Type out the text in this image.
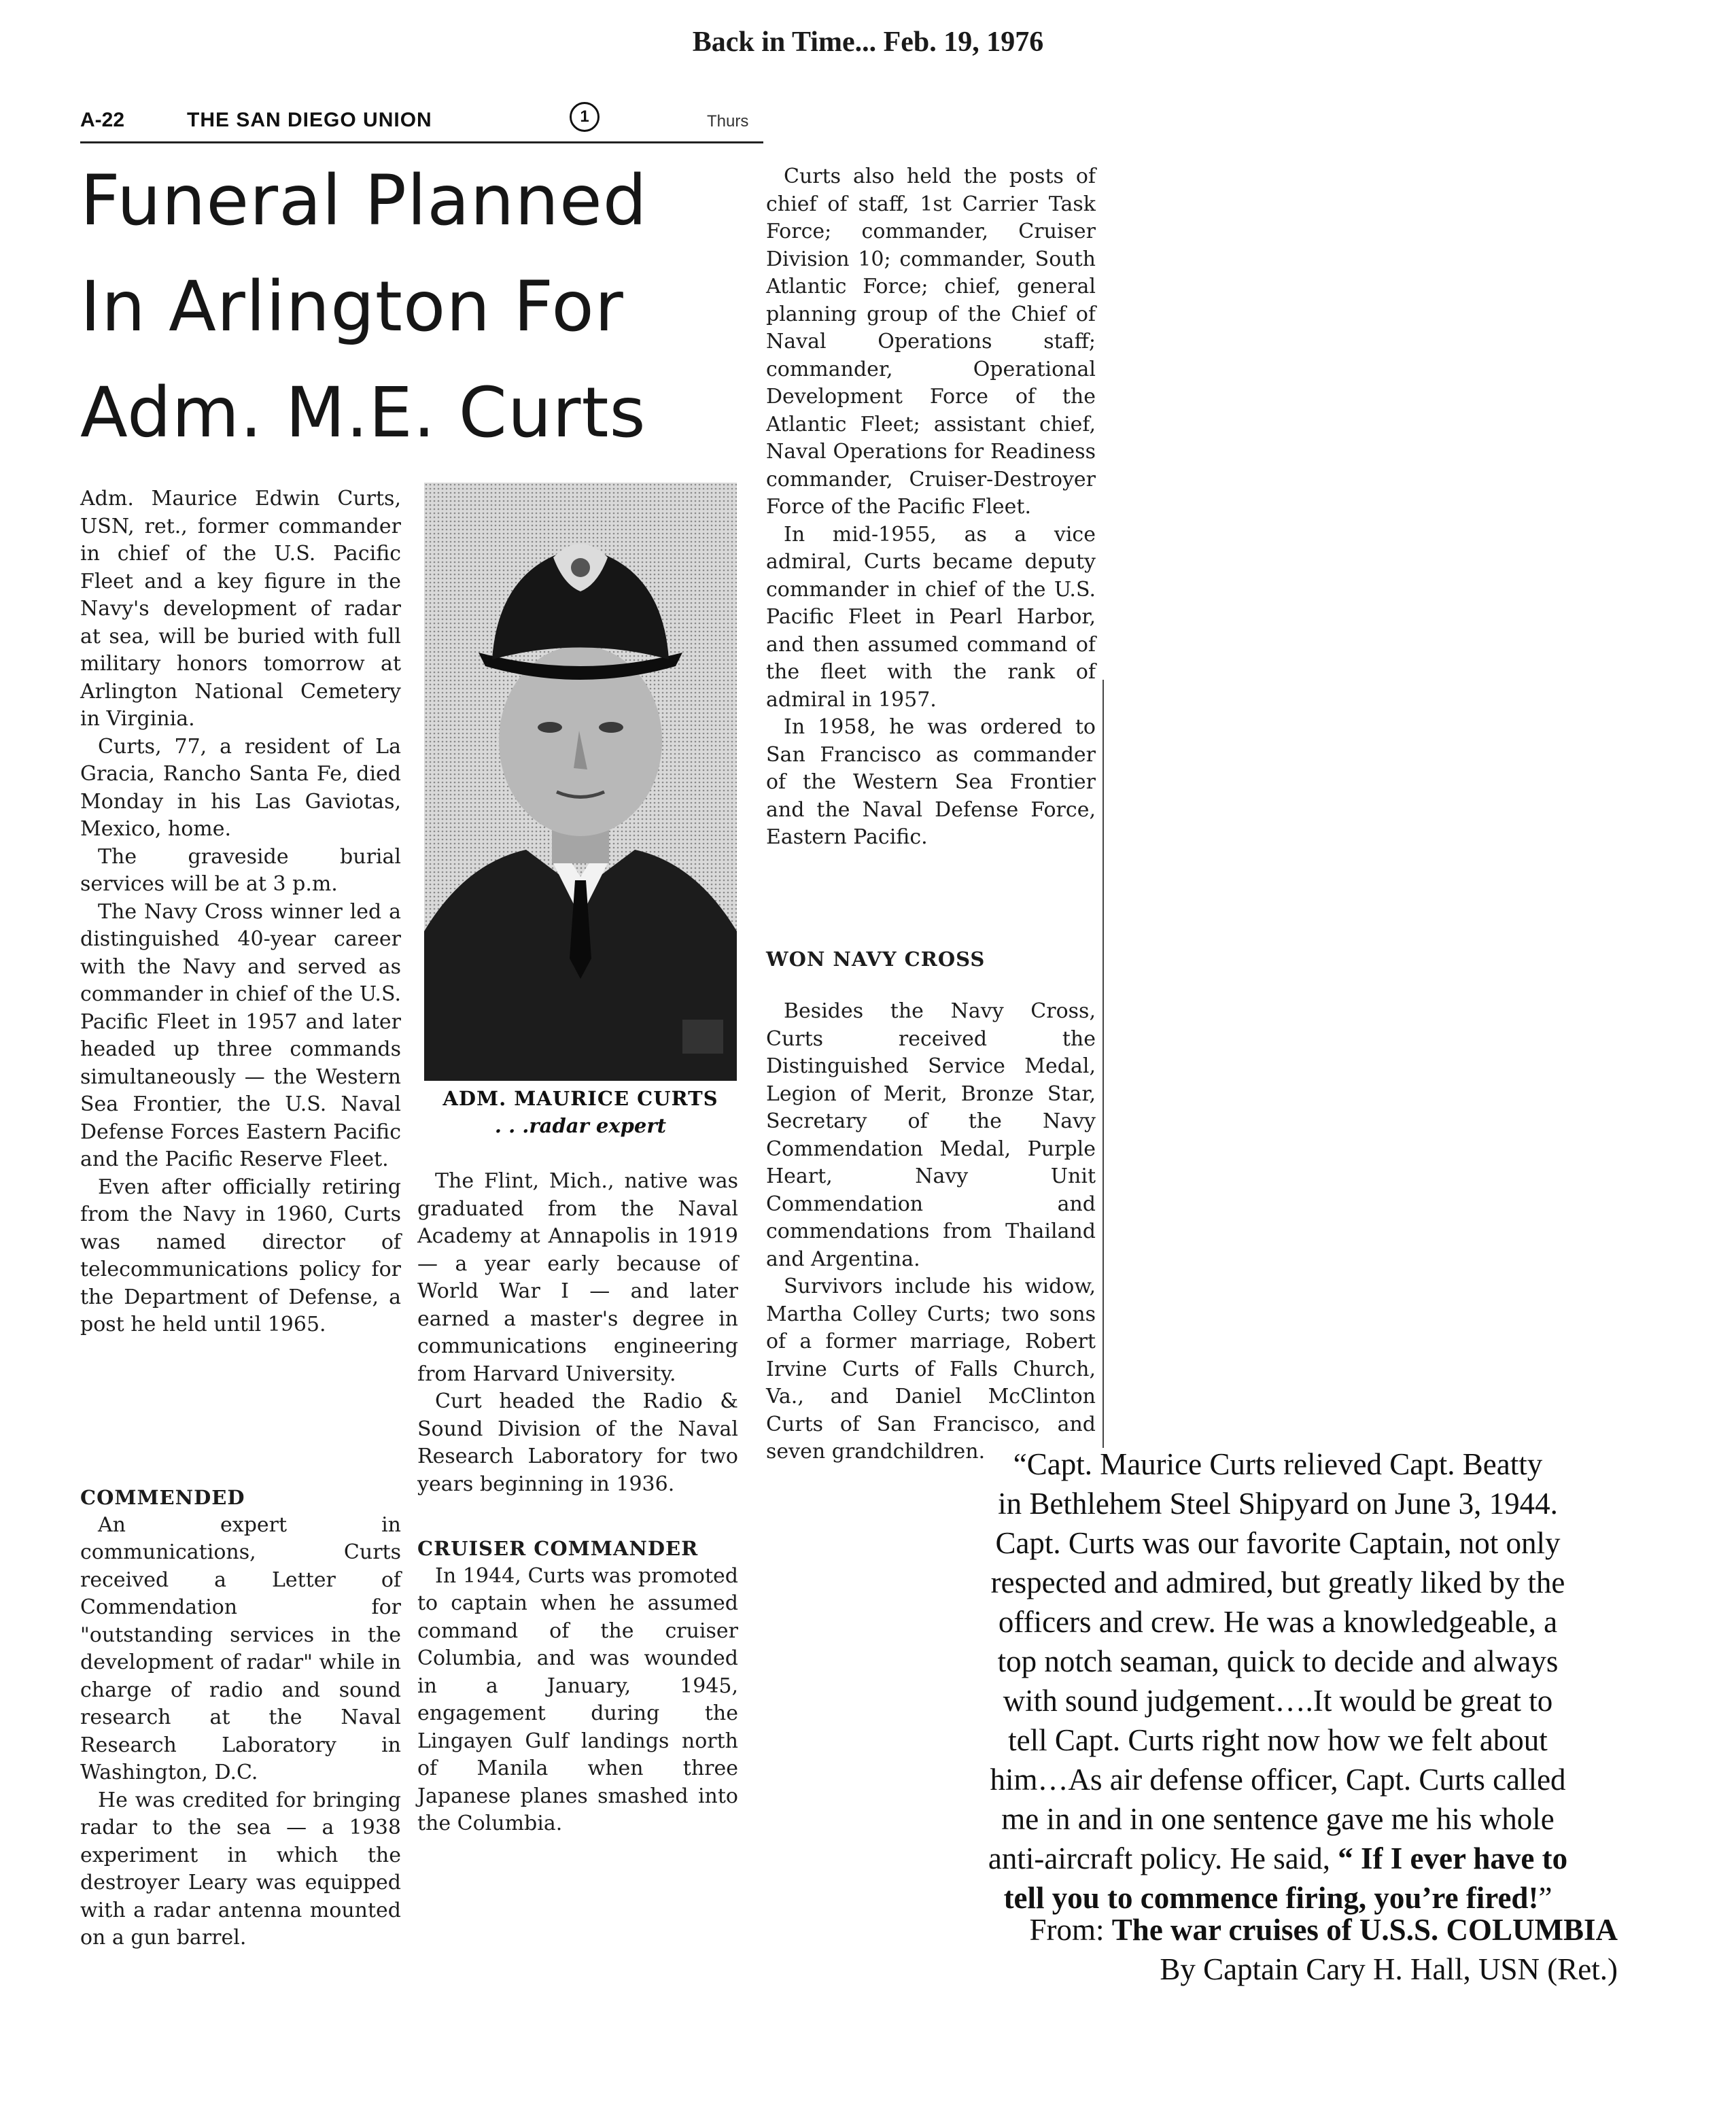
Back in Time... Feb. 19, 1976
A-22	THE SAN DIEGO UNION	1	Thurs
Funeral Planned
In Arlington For
Adm. M.E. Curts

Adm. Maurice Edwin Curts, USN, ret., former commander in chief of the U.S. Pacific Fleet and a key figure in the Navy's development of radar at sea, will be buried with full military honors tomorrow at Arlington National Cemetery in Virginia.

Curts, 77, a resident of La Gracia, Rancho Santa Fe, died Monday in his Las Gaviotas, Mexico, home.

The graveside burial services will be at 3 p.m.

The Navy Cross winner led a distinguished 40-year career with the Navy and served as commander in chief of the U.S. Pacific Fleet in 1957 and later headed up three commands simultaneously — the Western Sea Frontier, the U.S. Naval Defense Forces Eastern Pacific and the Pacific Reserve Fleet.

Even after officially retiring from the Navy in 1960, Curts was named director of telecommunications policy for the Department of Defense, a post he held until 1965.

COMMENDED

An expert in communications, Curts received a Letter of Commendation for "outstanding services in the development of radar" while in charge of radio and sound research at the Naval Research Laboratory in Washington, D.C.

He was credited for bringing radar to the sea — a 1938 experiment in which the destroyer Leary was equipped with a radar antenna mounted on a gun barrel.

ADM. MAURICE CURTS
. . .radar expert

The Flint, Mich., native was graduated from the Naval Academy at Annapolis in 1919 — a year early because of World War I — and later earned a master's degree in communications engineering from Harvard University.

Curt headed the Radio & Sound Division of the Naval Research Laboratory for two years beginning in 1936.

CRUISER COMMANDER

In 1944, Curts was promoted to captain when he assumed command of the cruiser Columbia, and was wounded in a January, 1945, engagement during the Lingayen Gulf landings north of Manila when three Japanese planes smashed into the Columbia.

Curts also held the posts of chief of staff, 1st Carrier Task Force; commander, Cruiser Division 10; commander, South Atlantic Force; chief, general planning group of the Chief of Naval Operations staff; commander, Operational Development Force of the Atlantic Fleet; assistant chief, Naval Operations for Readiness commander, Cruiser-Destroyer Force of the Pacific Fleet.

In mid-1955, as a vice admiral, Curts became deputy commander in chief of the U.S. Pacific Fleet in Pearl Harbor, and then assumed command of the fleet with the rank of admiral in 1957.

In 1958, he was ordered to San Francisco as commander of the Western Sea Frontier and the Naval Defense Force, Eastern Pacific.

WON NAVY CROSS

Besides the Navy Cross, Curts received the Distinguished Service Medal, Legion of Merit, Bronze Star, Secretary of the Navy Commendation Medal, Purple Heart, Navy Unit Commendation and commendations from Thailand and Argentina.

Survivors include his widow, Martha Colley Curts; two sons of a former marriage, Robert Irvine Curts of Falls Church, Va., and Daniel McClinton Curts of San Francisco, and seven grandchildren. “Capt. Maurice Curts relieved Capt. Beatty
in Bethlehem Steel Shipyard on June 3, 1944.
Capt. Curts was our favorite Captain, not only
respected and admired, but greatly liked by the
officers and crew. He was a knowledgeable, a
top notch seaman, quick to decide and always
with sound judgement….It would be great to
tell Capt. Curts right now how we felt about
him…As air defense officer, Capt. Curts called
me in and in one sentence gave me his whole
anti-aircraft policy. He said, “ If I ever have to
tell you to commence firing, you’re fired!”
From: The war cruises of U.S.S. COLUMBIA
By Captain Cary H. Hall, USN (Ret.)
